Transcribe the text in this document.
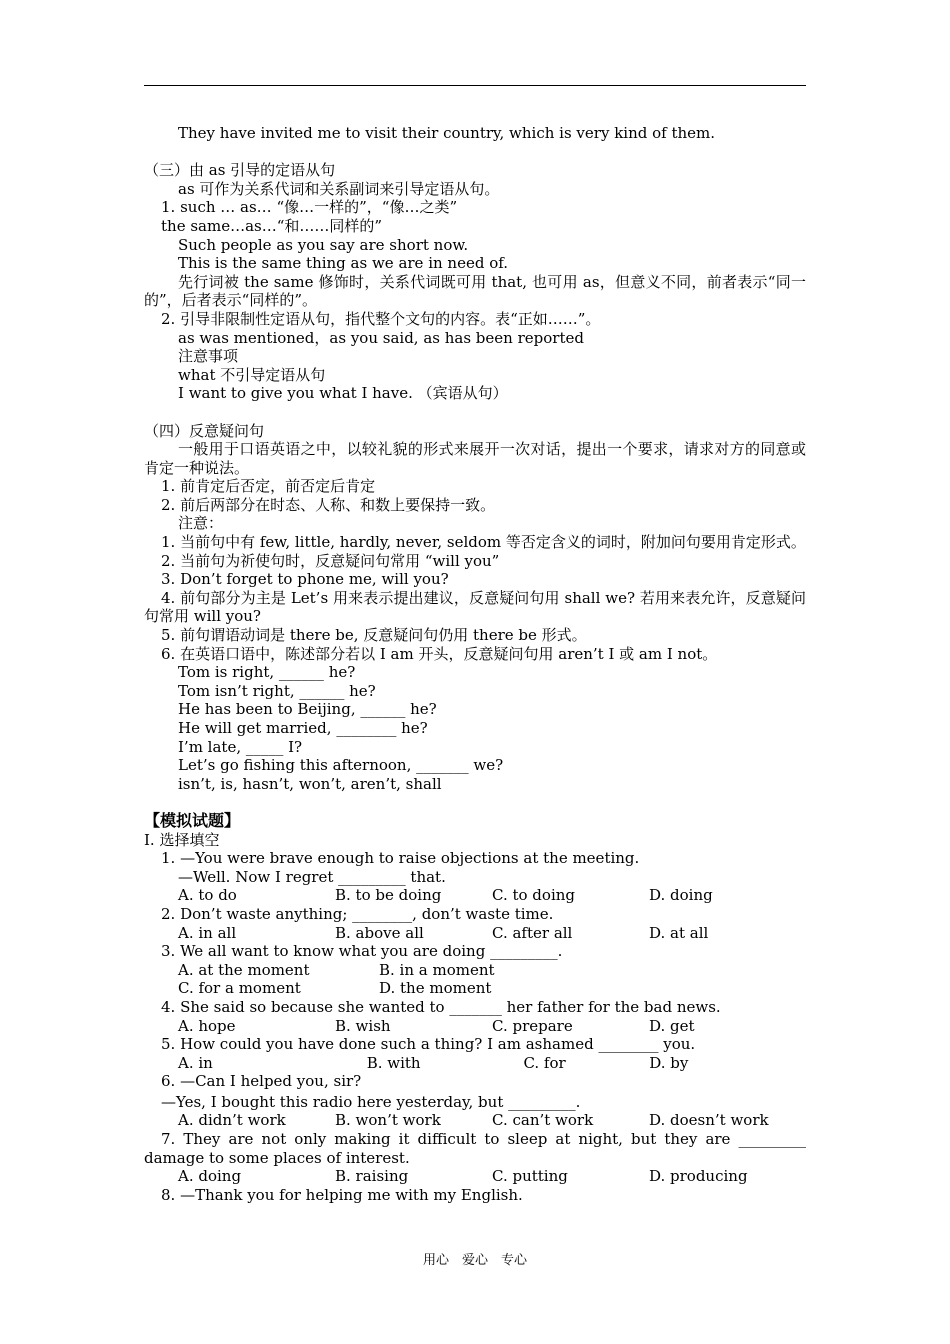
They have invited me to visit their country, which is very kind of them.
（三）由 as 引导的定语从句
as 可作为关系代词和关系副词来引导定语从句。
1. such … as… “像…一样的”，“像…之类”
the same…as…“和……同样的”
Such people as you say are short now.
This is the same thing as we are in need of.
先行词被 the same 修饰时，关系代词既可用 that, 也可用 as，但意义不同，前者表示“同一的”，后者表示“同样的”。
2. 引导非限制性定语从句，指代整个文句的内容。表“正如……”。
as was mentioned，as you said, as has been reported
注意事项
what 不引导定语从句
I want to give you what I have. （宾语从句）
（四）反意疑问句
一般用于口语英语之中，以较礼貌的形式来展开一次对话，提出一个要求，请求对方的同意或肯定一种说法。
1. 前肯定后否定，前否定后肯定
2. 前后两部分在时态、人称、和数上要保持一致。
注意：
1. 当前句中有 few, little, hardly, never, seldom 等否定含义的词时，附加问句要用肯定形式。
2. 当前句为祈使句时，反意疑问句常用 “will you”
3. Don’t forget to phone me, will you?
4. 前句部分为主是 Let’s 用来表示提出建议，反意疑问句用 shall we? 若用来表允许，反意疑问句常用 will you?
5. 前句谓语动词是 there be, 反意疑问句仍用 there be 形式。
6. 在英语口语中，陈述部分若以 I am 开头，反意疑问句用 aren’t I 或 am I not。
Tom is right, ______ he?
Tom isn’t right, ______ he?
He has been to Beijing, ______ he?
He will get married, ________ he?
I’m late, _____ I?
Let’s go fishing this afternoon, _______ we?
isn’t, is, hasn’t, won’t, aren’t, shall
【模拟试题】
I. 选择填空
1. —You were brave enough to raise objections at the meeting.
—Well. Now I regret _________ that.
A. to do	B. to be doing	C. to doing	D. doing
2. Don’t waste anything; ________, don’t waste time.
A. in all	B. above all	C. after all	D. at all
3. We all want to know what you are doing _________.
A. at the moment	B. in a moment
C. for a moment	D. the moment
4. She said so because she wanted to _______ her father for the bad news.
A. hope	B. wish	C. prepare	D. get
5. How could you have done such a thing? I am ashamed ________ you.
A. in	B. with	C. for	D. by
6. —Can I helped you, sir?
—Yes, I bought this radio here yesterday, but _________.
A. didn’t work	B. won’t work	C. can’t work	D. doesn’t work
7. They are not only making it difficult to sleep at night, but they are _________ damage to some places of interest.
A. doing	B. raising	C. putting	D. producing
8. —Thank you for helping me with my English.
用心　爱心　专心
